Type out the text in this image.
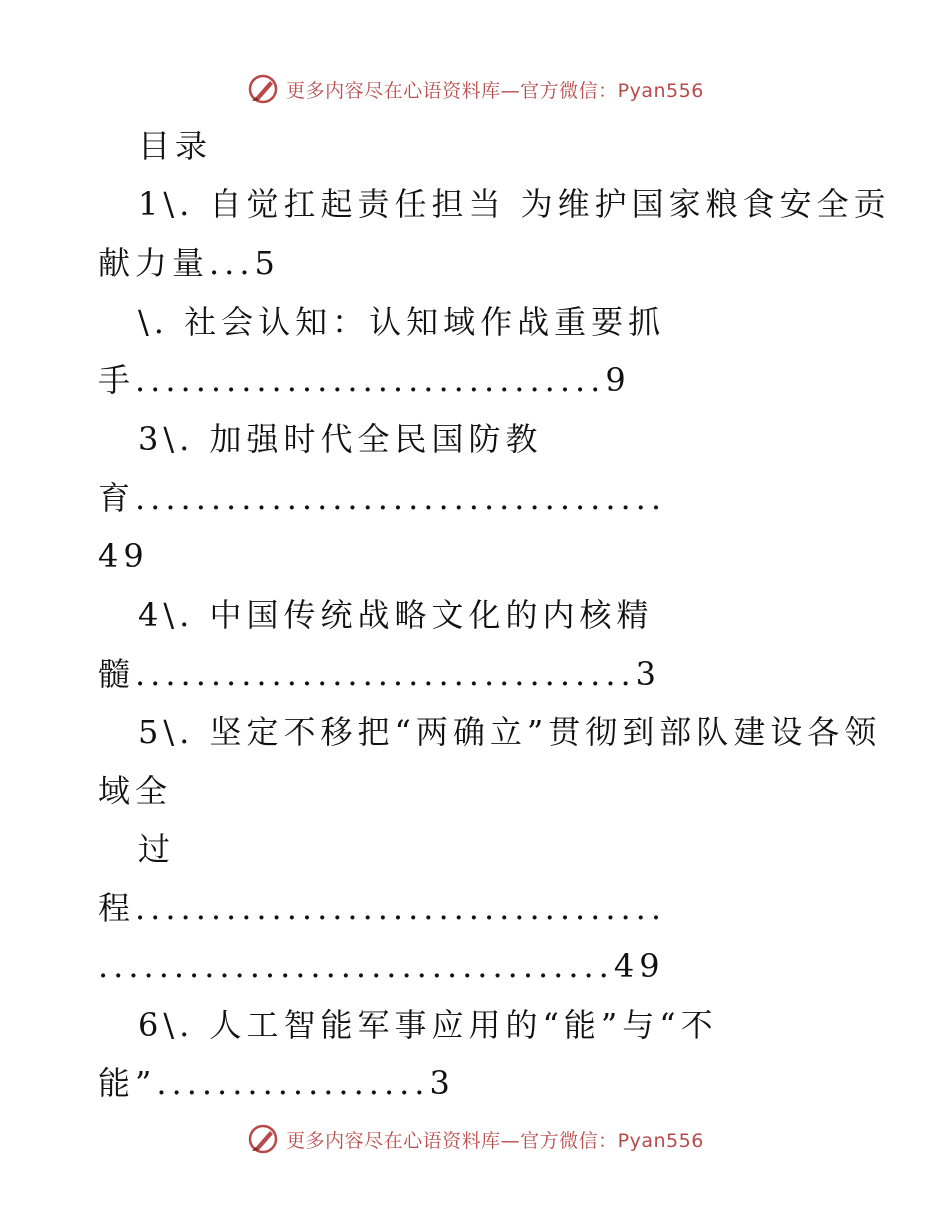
更多内容尽在心语资料库—官方微信：Pyan556
目录
1\. 自觉扛起责任担当 为维护国家粮食安全贡
献力量...5
\. 社会认知：认知域作战重要抓
手...............................9
3\. 加强时代全民国防教
育...................................
49
4\. 中国传统战略文化的内核精
髓.................................3
5\. 坚定不移把“两确立”贯彻到部队建设各领
域全
过
程...................................
..................................49
6\. 人工智能军事应用的“能”与“不
能”..................3
更多内容尽在心语资料库—官方微信：Pyan556
